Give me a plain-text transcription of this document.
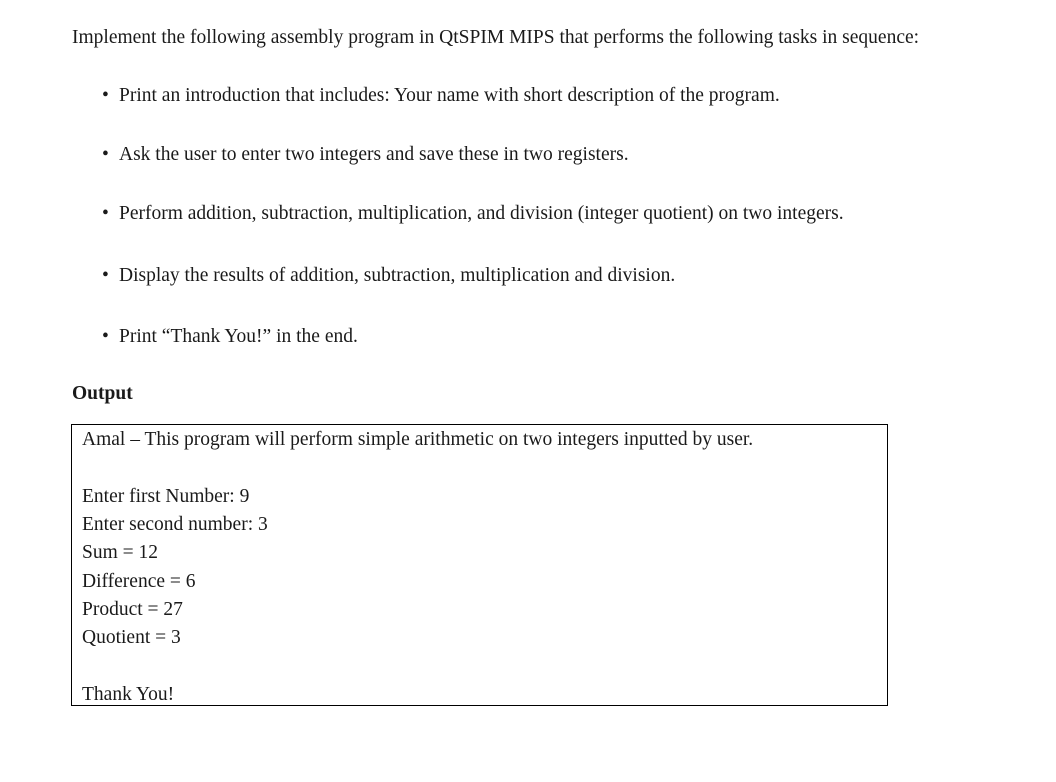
Implement the following assembly program in QtSPIM MIPS that performs the following tasks in sequence:
• Print an introduction that includes: Your name with short description of the program.
• Ask the user to enter two integers and save these in two registers.
• Perform addition, subtraction, multiplication, and division (integer quotient) on two integers.
• Display the results of addition, subtraction, multiplication and division.
• Print “Thank You!” in the end.
Output
Amal – This program will perform simple arithmetic on two integers inputted by user.
Enter first Number: 9
Enter second number: 3
Sum = 12
Difference = 6
Product = 27
Quotient = 3
Thank You!
